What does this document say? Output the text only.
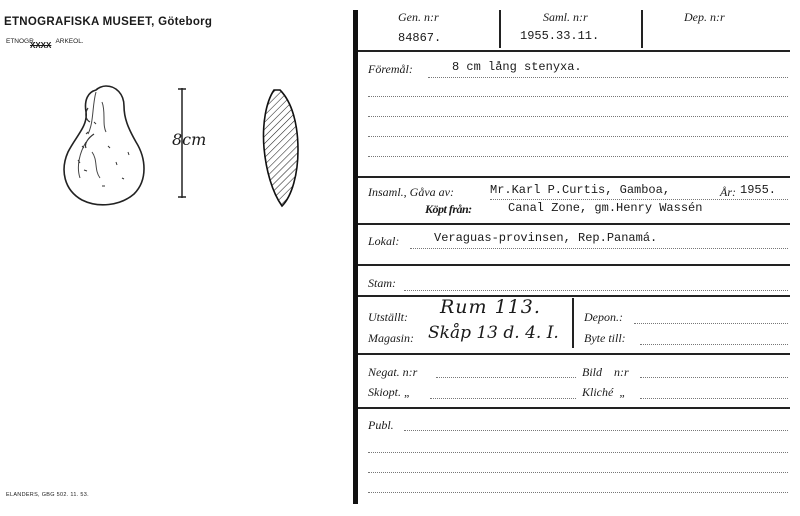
ETNOGRAFISKA MUSEET, Göteborg
ETNOGR.
XXXX ARKEOL.
8cm
ELANDERS, GBG 502. 11. 53.
Gen. n:r	Saml. n:r	Dep. n:r
84867.	1955.33.11.
Föremål:	8 cm lång stenyxa.
Insaml., Gåva av:	Mr.Karl P.Curtis, Gamboa,	År: 1955.
Köpt från:	Canal Zone, gm.Henry Wassén
Lokal:	Veraguas-provinsen, Rep.Panamá.
Stam:
Utställt: Rum 113.
Magasin: Skåp 13 d. 4. I.
Depon.:
Byte till:
Negat. n:r	Bild    n:r
Skiopt. „	Kliché  „
Publ.
